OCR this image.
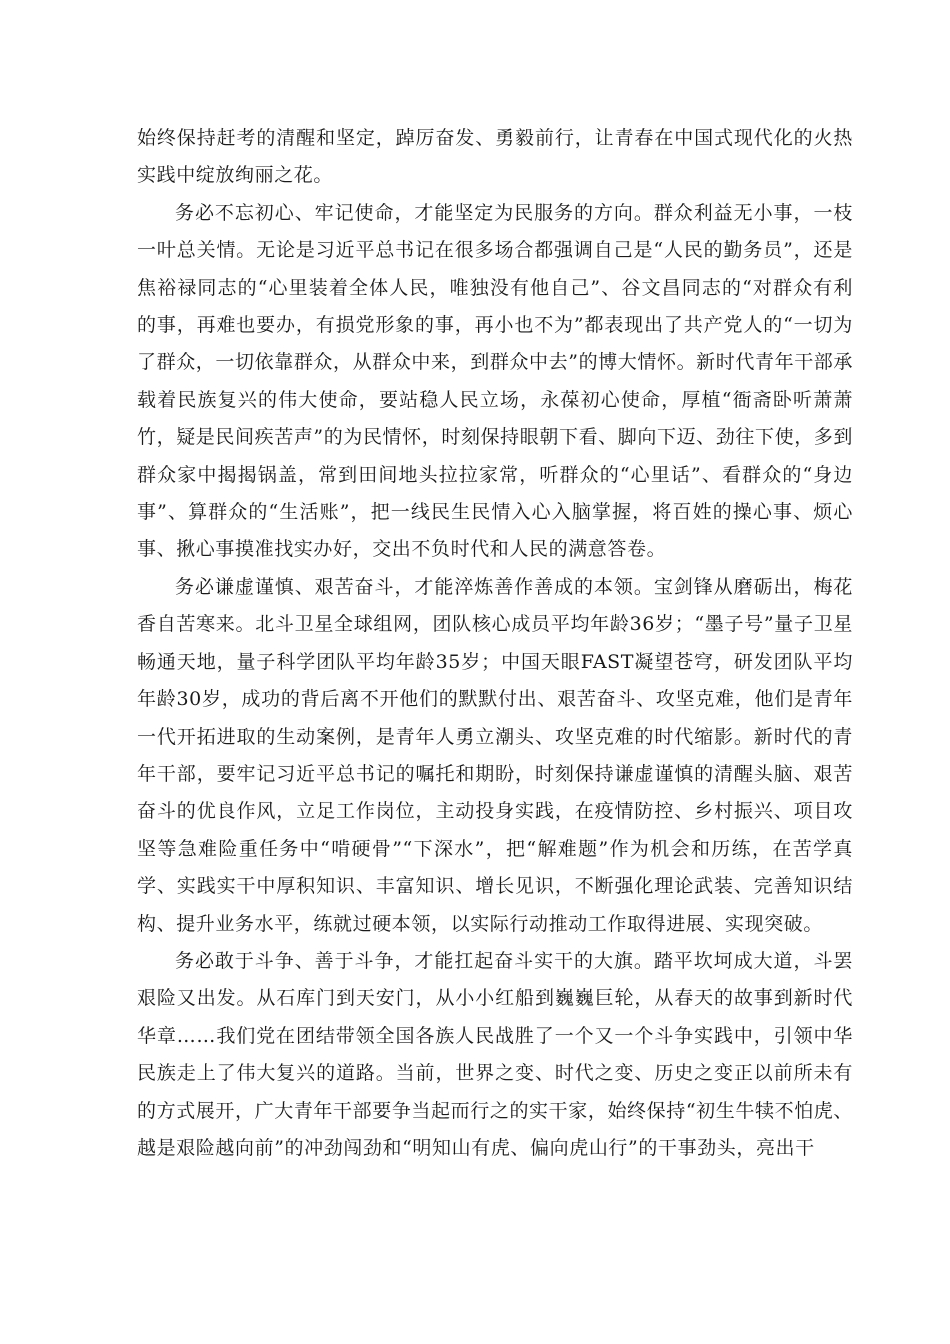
始终保持赶考的清醒和坚定，踔厉奋发、勇毅前行，让青春在中国式现代化的火热实践中绽放绚丽之花。

务必不忘初心、牢记使命，才能坚定为民服务的方向。群众利益无小事，一枝一叶总关情。无论是习近平总书记在很多场合都强调自己是“人民的勤务员”，还是焦裕禄同志的“心里装着全体人民，唯独没有他自己”、谷文昌同志的“对群众有利的事，再难也要办，有损党形象的事，再小也不为”都表现出了共产党人的“一切为了群众，一切依靠群众，从群众中来，到群众中去”的博大情怀。新时代青年干部承载着民族复兴的伟大使命，要站稳人民立场，永葆初心使命，厚植“衙斋卧听萧萧竹，疑是民间疾苦声”的为民情怀，时刻保持眼朝下看、脚向下迈、劲往下使，多到群众家中揭揭锅盖，常到田间地头拉拉家常，听群众的“心里话”、看群众的“身边事”、算群众的“生活账”，把一线民生民情入心入脑掌握，将百姓的操心事、烦心事、揪心事摸准找实办好，交出不负时代和人民的满意答卷。

务必谦虚谨慎、艰苦奋斗，才能淬炼善作善成的本领。宝剑锋从磨砺出，梅花香自苦寒来。北斗卫星全球组网，团队核心成员平均年龄36岁；“墨子号”量子卫星畅通天地，量子科学团队平均年龄35岁；中国天眼FAST凝望苍穹，研发团队平均年龄30岁，成功的背后离不开他们的默默付出、艰苦奋斗、攻坚克难，他们是青年一代开拓进取的生动案例，是青年人勇立潮头、攻坚克难的时代缩影。新时代的青年干部，要牢记习近平总书记的嘱托和期盼，时刻保持谦虚谨慎的清醒头脑、艰苦奋斗的优良作风，立足工作岗位，主动投身实践，在疫情防控、乡村振兴、项目攻坚等急难险重任务中“啃硬骨”“下深水”，把“解难题”作为机会和历练，在苦学真学、实践实干中厚积知识、丰富知识、增长见识，不断强化理论武装、完善知识结构、提升业务水平，练就过硬本领，以实际行动推动工作取得进展、实现突破。

务必敢于斗争、善于斗争，才能扛起奋斗实干的大旗。踏平坎坷成大道，斗罢艰险又出发。从石库门到天安门，从小小红船到巍巍巨轮，从春天的故事到新时代华章……我们党在团结带领全国各族人民战胜了一个又一个斗争实践中，引领中华民族走上了伟大复兴的道路。当前，世界之变、时代之变、历史之变正以前所未有的方式展开，广大青年干部要争当起而行之的实干家，始终保持“初生牛犊不怕虎、越是艰险越向前”的冲劲闯劲和“明知山有虎、偏向虎山行”的干事劲头，亮出干
